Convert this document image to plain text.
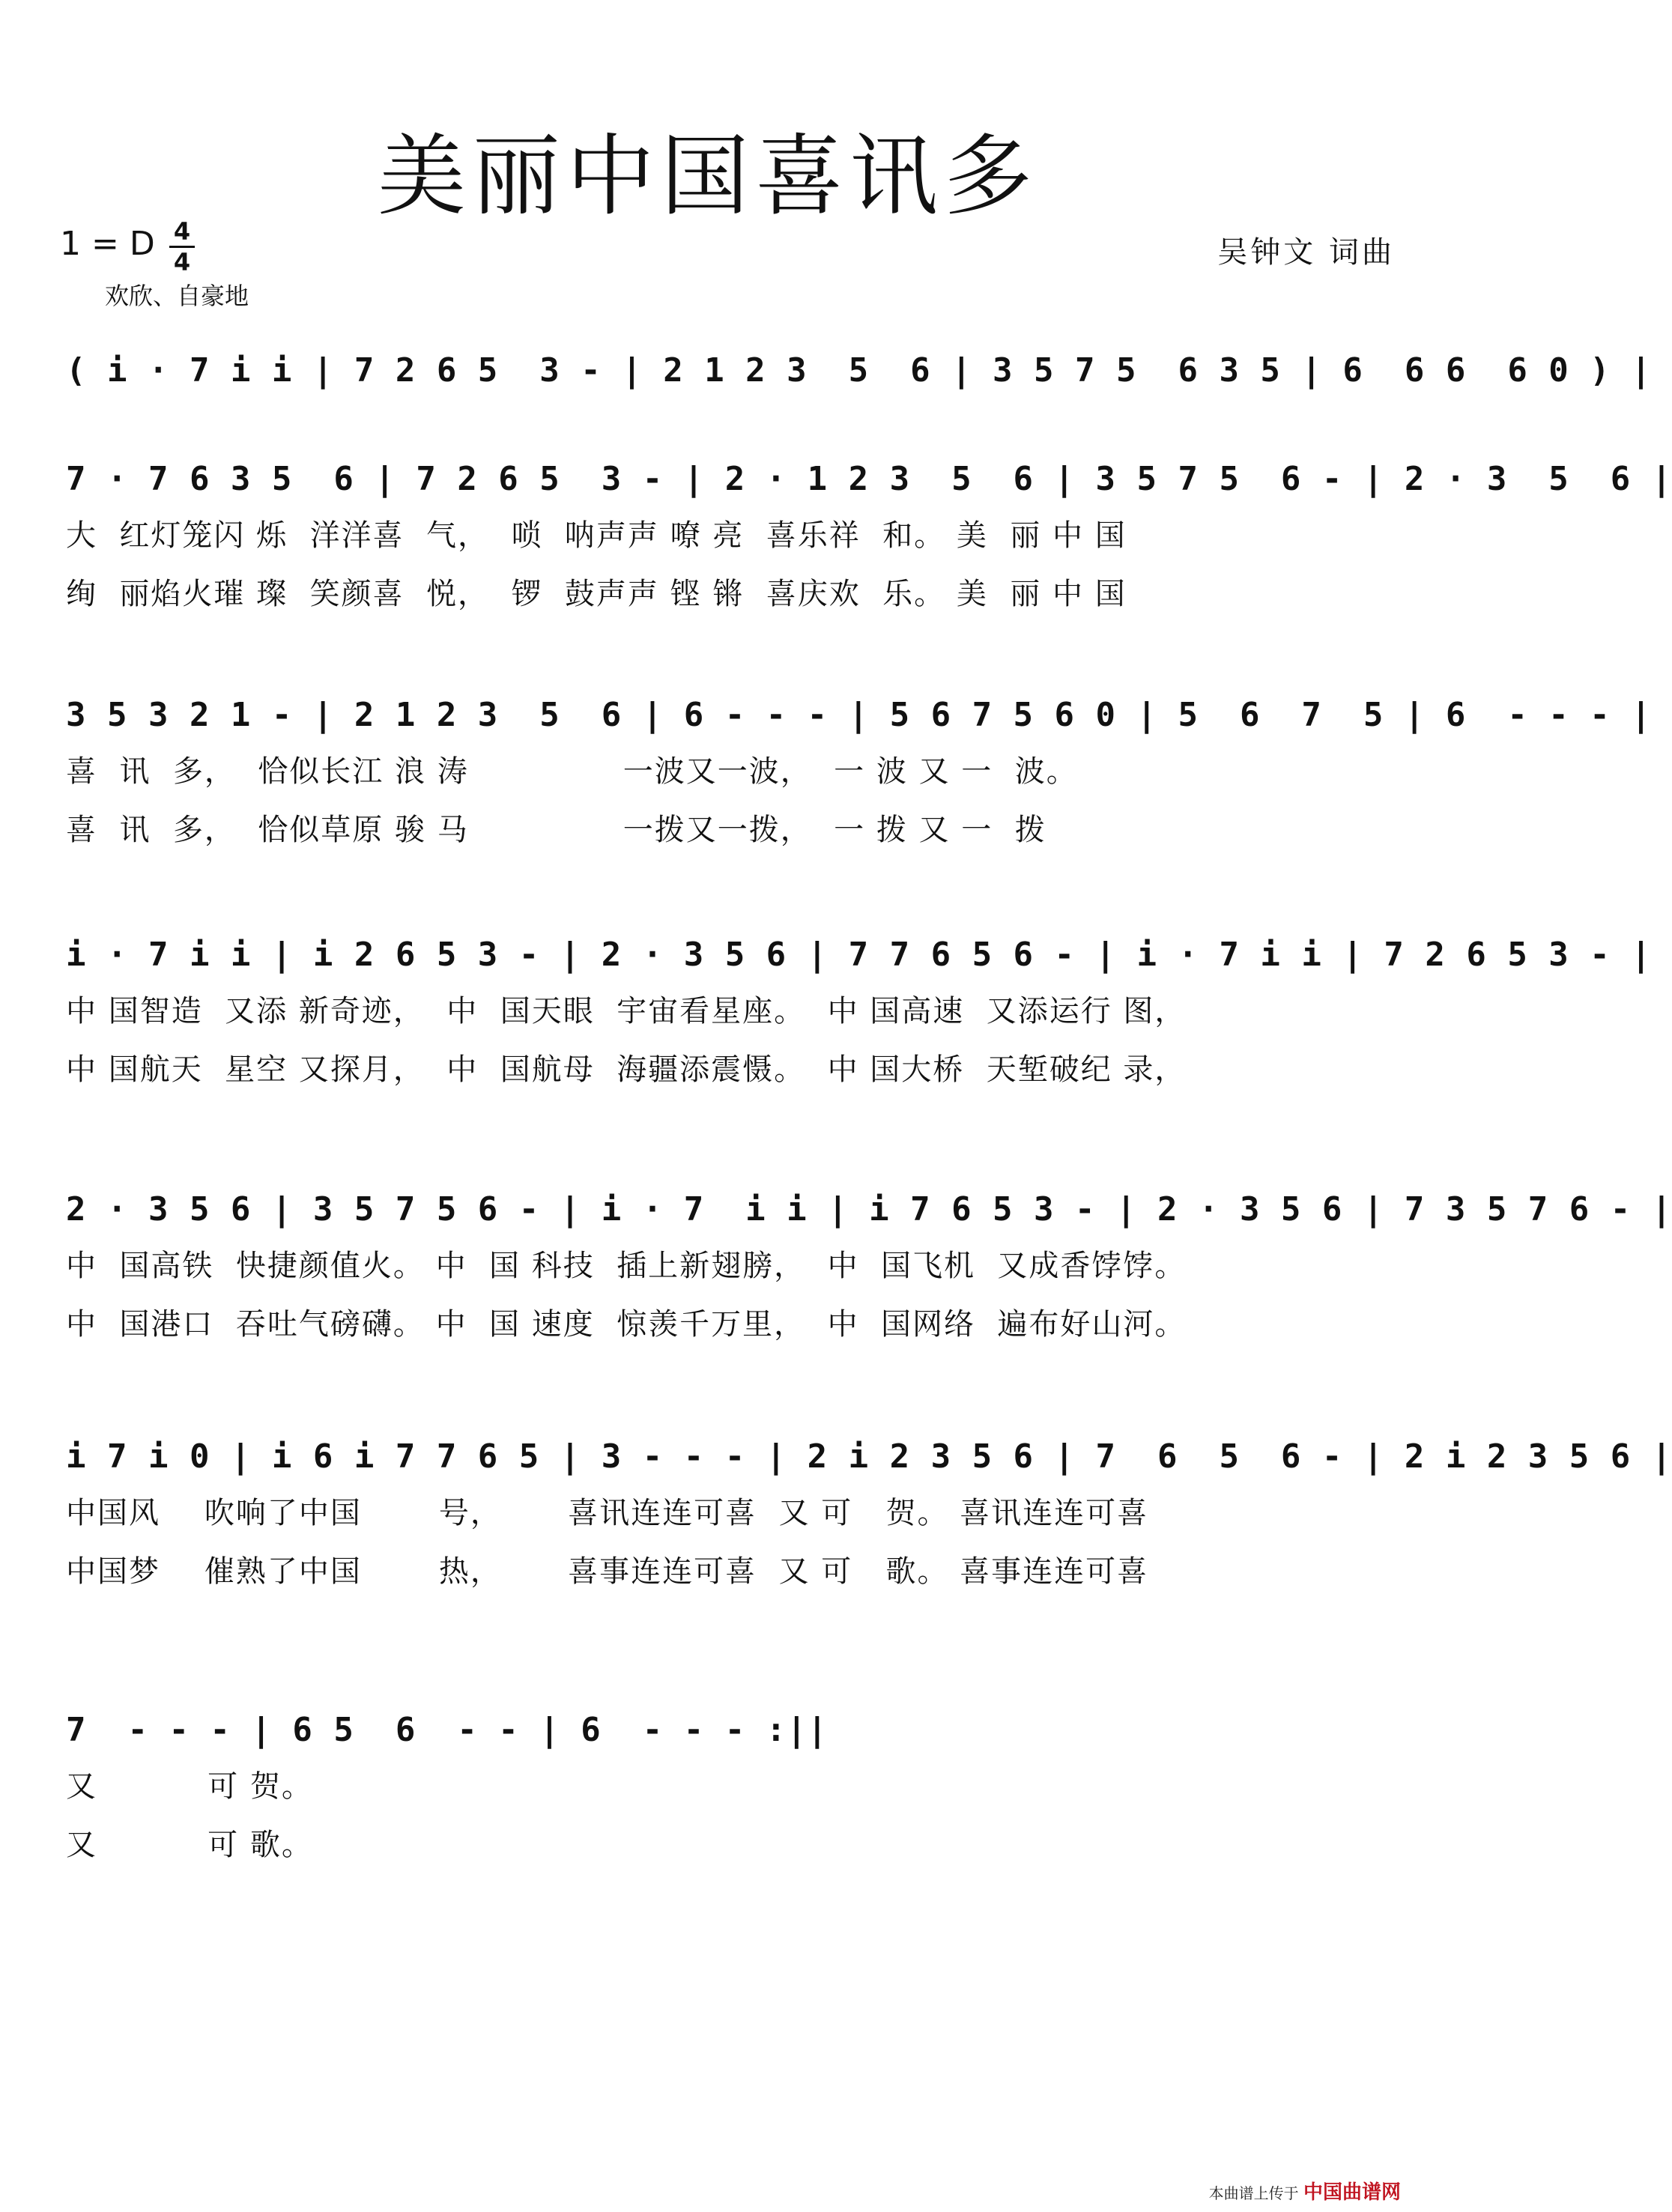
美丽中国喜讯多
1 = D 4
4
欢欣、自豪地
吴钟文 词曲
( i · 7 i i | 7 2 6 5  3 - | 2 1 2 3  5  6 | 3 5 7 5  6 3 5 | 6  6 6  6 0 ) |
7 · 7 6 3 5  6 | 7 2 6 5  3 - | 2 · 1 2 3  5  6 | 3 5 7 5  6 - | 2 · 3  5  6 |
大  红灯笼闪 烁  洋洋喜  气，  唢  呐声声 嘹 亮  喜乐祥  和。 美  丽 中 国
绚  丽焰火璀 璨  笑颜喜  悦，  锣  鼓声声 铿 锵  喜庆欢  乐。 美  丽 中 国
3 5 3 2 1 - | 2 1 2 3  5  6 | 6 - - - | 5 6 7 5 6 0 | 5  6  7  5 | 6  - - - |
喜  讯  多，  恰似长江 浪 涛              一波又一波，  一 波 又 一  波。
喜  讯  多，  恰似草原 骏 马              一拨又一拨，  一 拨 又 一  拨
i · 7 i i | i 2 6 5 3 - | 2 · 3 5 6 | 7 7 6 5 6 - | i · 7 i i | 7 2 6 5 3 - |
中 国智造  又添 新奇迹，  中  国天眼  宇宙看星座。  中 国高速  又添运行 图，
中 国航天  星空 又探月，  中  国航母  海疆添震慑。  中 国大桥  天堑破纪 录，
2 · 3 5 6 | 3 5 7 5 6 - | i · 7  i i | i 7 6 5 3 - | 2 · 3 5 6 | 7 3 5 7 6 - |
中  国高铁  快捷颜值火。 中  国 科技  插上新翅膀，  中  国飞机  又成香饽饽。
中  国港口  吞吐气磅礴。 中  国 速度  惊羡千万里，  中  国网络  遍布好山河。
i 7 i 0 | i 6 i 7 7 6 5 | 3 - - - | 2 i 2 3 5 6 | 7  6  5  6 - | 2 i 2 3 5 6 |
中国风    吹响了中国       号，      喜讯连连可喜  又 可   贺。 喜讯连连可喜
中国梦    催熟了中国       热，      喜事连连可喜  又 可   歌。 喜事连连可喜
7  - - - | 6 5  6  - - | 6  - - - :||
又          可 贺。
又          可 歌。
本曲谱上传于 中国曲谱网
